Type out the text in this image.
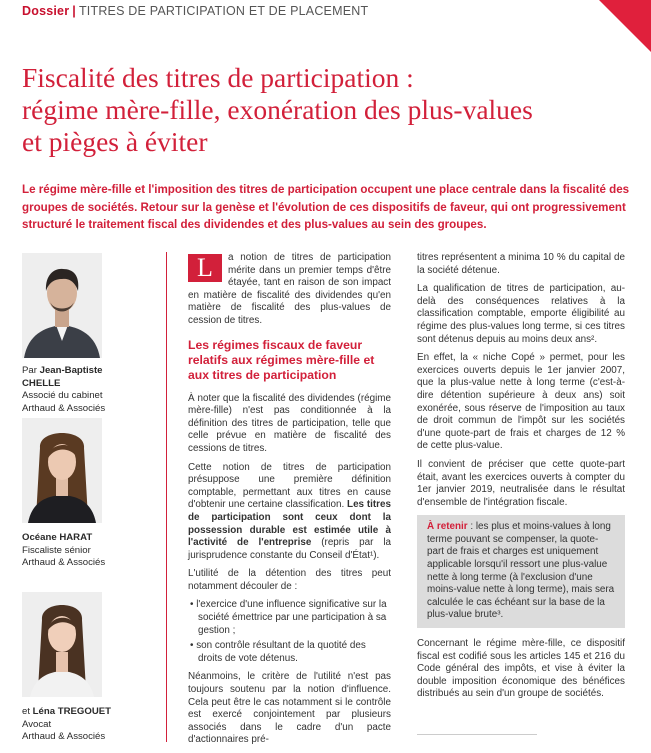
Dossier | TITRES DE PARTICIPATION ET DE PLACEMENT
Fiscalité des titres de participation :
régime mère-fille, exonération des plus-values
et pièges à éviter

Le régime mère-fille et l'imposition des titres de participation occupent une place centrale dans la fiscalité des groupes de sociétés. Retour sur la genèse et l'évolution de ces dispositifs de faveur, qui ont progressivement structuré le traitement fiscal des dividendes et des plus-values au sein des groupes.

Par Jean-Baptiste CHELLE
Associé du cabinet
Arthaud & Associés
Océane HARAT
Fiscaliste sénior
Arthaud & Associés
et Léna TREGOUET
Avocat
Arthaud & Associés

L	a notion de titres de participation mérite dans un premier temps d'être étayée, tant en raison de son impact en matière de fiscalité des dividendes qu'en matière de fiscalité des plus-values de cession de titres.

Les régimes fiscaux de faveur relatifs aux régimes mère-fille et aux titres de participation

À noter que la fiscalité des dividendes (régime mère-fille) n'est pas conditionnée à la définition des titres de participation, telle que celle prévue en matière de fiscalité des cessions de titres.

Cette notion de titres de participation présuppose une première définition comptable, permettant aux titres en cause d'obtenir une certaine classification. Les titres de participation sont ceux dont la possession durable est estimée utile à l'activité de l'entreprise (repris par la jurisprudence constante du Conseil d'État¹).

L'utilité de la détention des titres peut notamment découler de :

• l'exercice d'une influence significative sur la société émettrice par une participation à sa gestion ;
• son contrôle résultant de la quotité des droits de vote détenus.

Néanmoins, le critère de l'utilité n'est pas toujours soutenu par la notion d'influence. Cela peut être le cas notamment si le contrôle est exercé conjointement par plusieurs associés dans le cadre d'un pacte d'actionnaires pré-

titres représentent a minima 10 % du capital de la société détenue.

La qualification de titres de participation, au-delà des conséquences relatives à la classification comptable, emporte éligibilité au régime des plus-values long terme, si ces titres sont détenus depuis au moins deux ans².

En effet, la « niche Copé » permet, pour les exercices ouverts depuis le 1er janvier 2007, que la plus-value nette à long terme (c'est-à-dire détention supérieure à deux ans) soit exonérée, sous réserve de l'imposition au taux de droit commun de l'impôt sur les sociétés d'une quote-part de frais et charges de 12 % de cette plus-value.

Il convient de préciser que cette quote-part était, avant les exercices ouverts à compter du 1er janvier 2019, neutralisée dans le résultat d'ensemble de l'intégration fiscale.

À retenir : les plus et moins-values à long terme pouvant se compenser, la quote-part de frais et charges est uniquement applicable lorsqu'il ressort une plus-value nette à long terme (à l'exclusion d'une moins-value nette à long terme), mais sera calculée le cas échéant sur la base de la plus-value brute³.

Concernant le régime mère-fille, ce dispositif fiscal est codifié sous les articles 145 et 216 du Code général des impôts, et vise à éviter la double imposition économique des bénéfices distribués au sein d'un groupe de sociétés.
